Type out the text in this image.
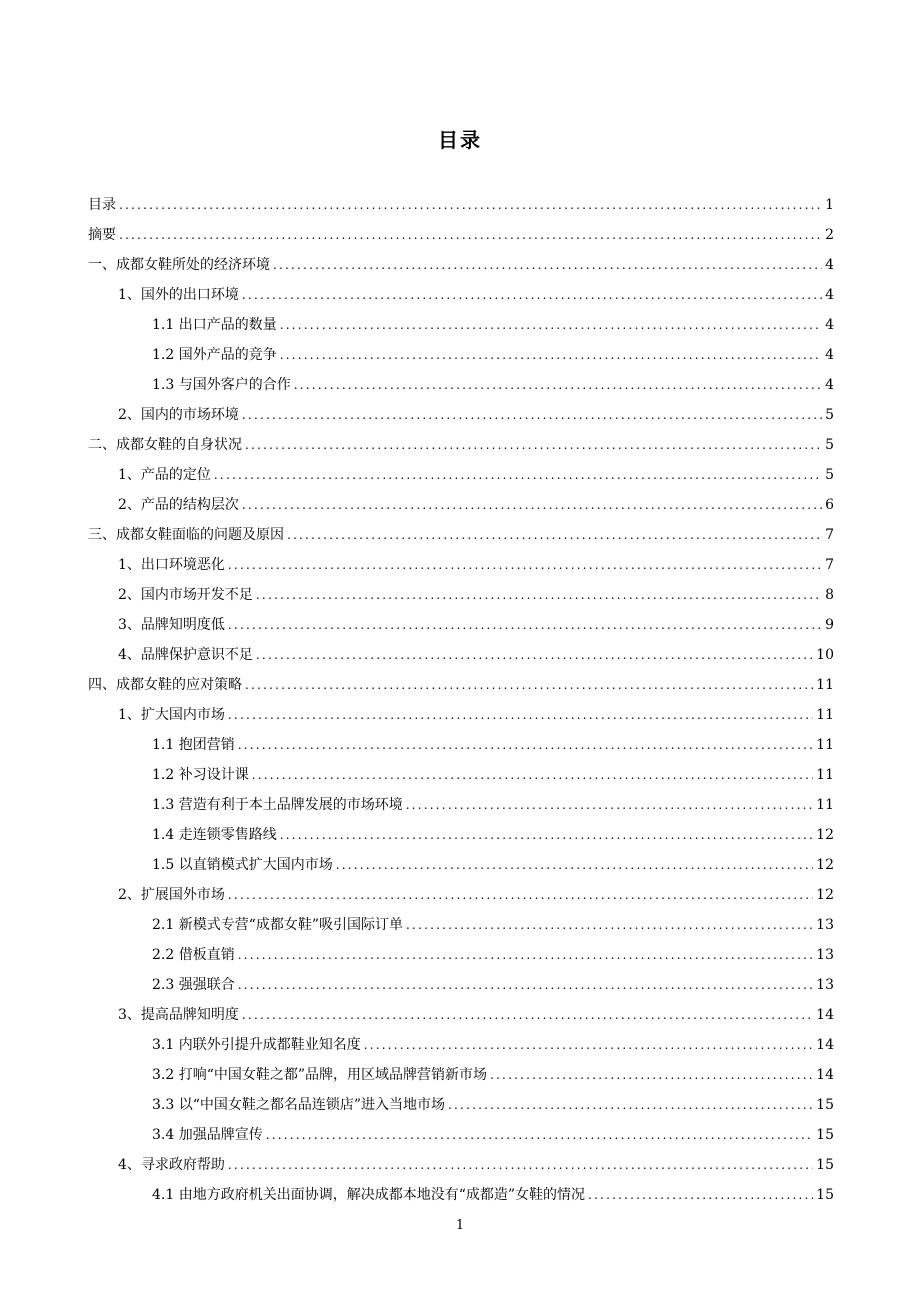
目录
目录 .....	1
摘要 .....	2
一、成都女鞋所处的经济环境 .....	4
1、国外的出口环境 .....	4
1.1 出口产品的数量 .....	4
1.2 国外产品的竞争 .....	4
1.3 与国外客户的合作 .....	4
2、国内的市场环境 .....	5
二、成都女鞋的自身状况 .....	5
1、产品的定位 .....	5
2、产品的结构层次 .....	6
三、成都女鞋面临的问题及原因 .....	7
1、出口环境恶化 .....	7
2、国内市场开发不足 .....	8
3、品牌知明度低 .....	9
4、品牌保护意识不足 .....	10
四、成都女鞋的应对策略 .....	11
1、扩大国内市场 .....	11
1.1 抱团营销 .....	11
1.2 补习设计课 .....	11
1.3 营造有利于本土品牌发展的市场环境 .....	11
1.4 走连锁零售路线 .....	12
1.5 以直销模式扩大国内市场 .....	12
2、扩展国外市场 .....	12
2.1 新模式专营“成都女鞋”吸引国际订单 .....	13
2.2 借板直销 .....	13
2.3 强强联合 .....	13
3、提高品牌知明度 .....	14
3.1 内联外引提升成都鞋业知名度 .....	14
3.2 打响“中国女鞋之都”品牌，用区域品牌营销新市场 .....	14
3.3 以“中国女鞋之都名品连锁店”进入当地市场 .....	15
3.4 加强品牌宣传 .....	15
4、寻求政府帮助 .....	15
4.1 由地方政府机关出面协调，解决成都本地没有“成都造”女鞋的情况 .....	15
1
